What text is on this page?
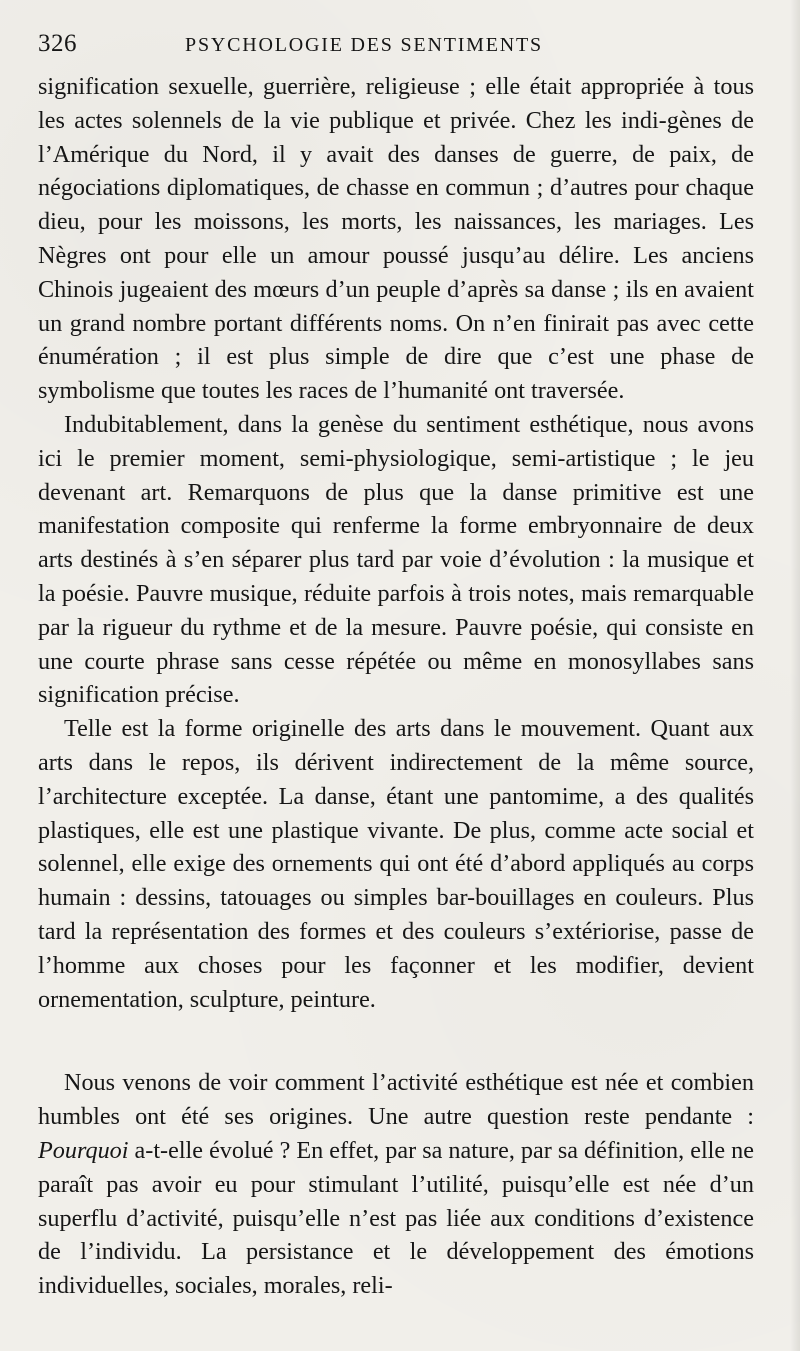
326	PSYCHOLOGIE DES SENTIMENTS

signification sexuelle, guerrière, religieuse ; elle était appropriée à tous les actes solennels de la vie publique et privée. Chez les indi-gènes de l’Amérique du Nord, il y avait des danses de guerre, de paix, de négociations diplomatiques, de chasse en commun ; d’autres pour chaque dieu, pour les moissons, les morts, les naissances, les mariages. Les Nègres ont pour elle un amour poussé jusqu’au délire. Les anciens Chinois jugeaient des mœurs d’un peuple d’après sa danse ; ils en avaient un grand nombre portant différents noms. On n’en finirait pas avec cette énumération ; il est plus simple de dire que c’est une phase de symbolisme que toutes les races de l’humanité ont traversée.

Indubitablement, dans la genèse du sentiment esthétique, nous avons ici le premier moment, semi-physiologique, semi-artistique ; le jeu devenant art. Remarquons de plus que la danse primitive est une manifestation composite qui renferme la forme embryonnaire de deux arts destinés à s’en séparer plus tard par voie d’évolution : la musique et la poésie. Pauvre musique, réduite parfois à trois notes, mais remarquable par la rigueur du rythme et de la mesure. Pauvre poésie, qui consiste en une courte phrase sans cesse répétée ou même en monosyllabes sans signification précise.

Telle est la forme originelle des arts dans le mouvement. Quant aux arts dans le repos, ils dérivent indirectement de la même source, l’architecture exceptée. La danse, étant une pantomime, a des qualités plastiques, elle est une plastique vivante. De plus, comme acte social et solennel, elle exige des ornements qui ont été d’abord appliqués au corps humain : dessins, tatouages ou simples bar-bouillages en couleurs. Plus tard la représentation des formes et des couleurs s’extériorise, passe de l’homme aux choses pour les façonner et les modifier, devient ornementation, sculpture, peinture.

Nous venons de voir comment l’activité esthétique est née et combien humbles ont été ses origines. Une autre question reste pendante : Pourquoi a-t-elle évolué ? En effet, par sa nature, par sa définition, elle ne paraît pas avoir eu pour stimulant l’utilité, puisqu’elle est née d’un superflu d’activité, puisqu’elle n’est pas liée aux conditions d’existence de l’individu. La persistance et le développement des émotions individuelles, sociales, morales, reli-
